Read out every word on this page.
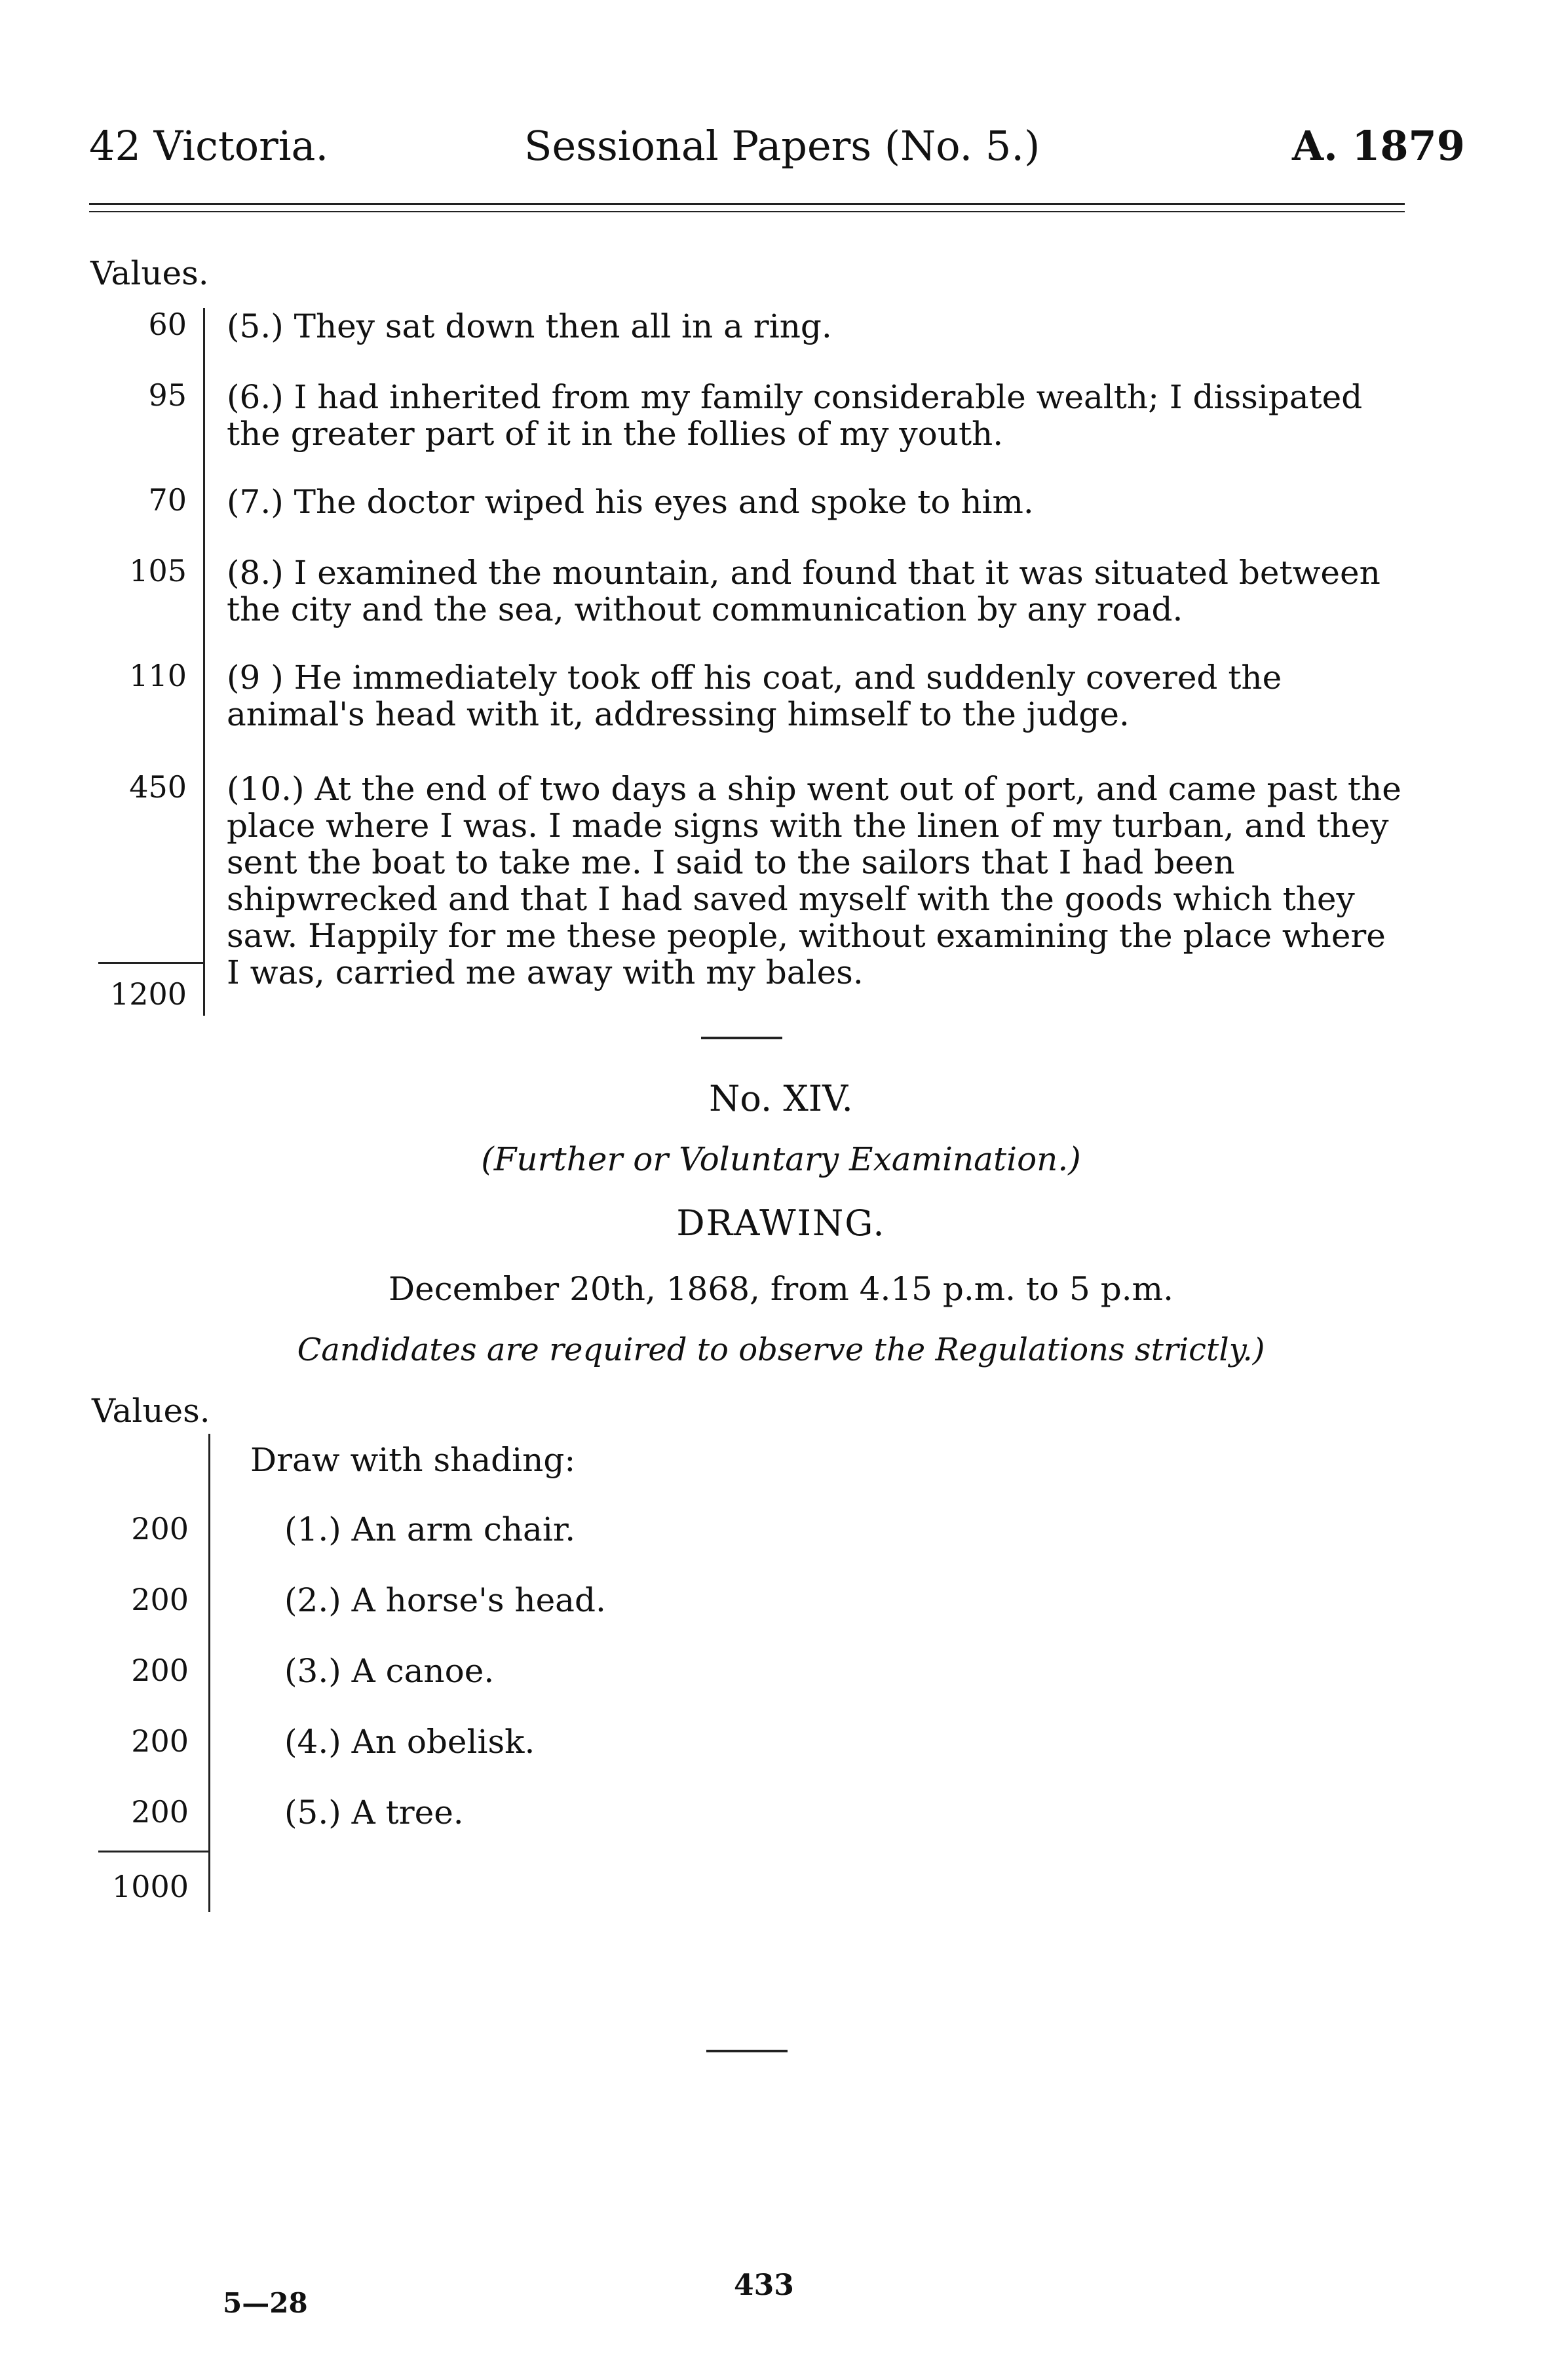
42 Victoria.	Sessional Papers (No. 5.)	A. 1879
Values.
60 (5.) They sat down then all in a ring.
95 (6.) I had inherited from my family considerable wealth; I dissipated the greater part of it in the follies of my youth.
70 (7.) The doctor wiped his eyes and spoke to him.
105 (8.) I examined the mountain, and found that it was situated between the city and the sea, without communication by any road.
110 (9 ) He immediately took off his coat, and suddenly covered the animal's head with it, addressing himself to the judge.
450 (10.) At the end of two days a ship went out of port, and came past the place where I was. I made signs with the linen of my turban, and they sent the boat to take me. I said to the sailors that I had been shipwrecked and that I had saved myself with the goods which they saw. Happily for me these people, without examining the place where I was, carried me away with my bales.
1200
No. XIV.
(Further or Voluntary Examination.)
DRAWING.
December 20th, 1868, from 4.15 p.m. to 5 p.m.
Candidates are required to observe the Regulations strictly.)
Values.
Draw with shading:
200	(1.) An arm chair.
200	(2.) A horse's head.
200	(3.) A canoe.
200	(4.) An obelisk.
200	(5.) A tree.
1000
5—28
433
